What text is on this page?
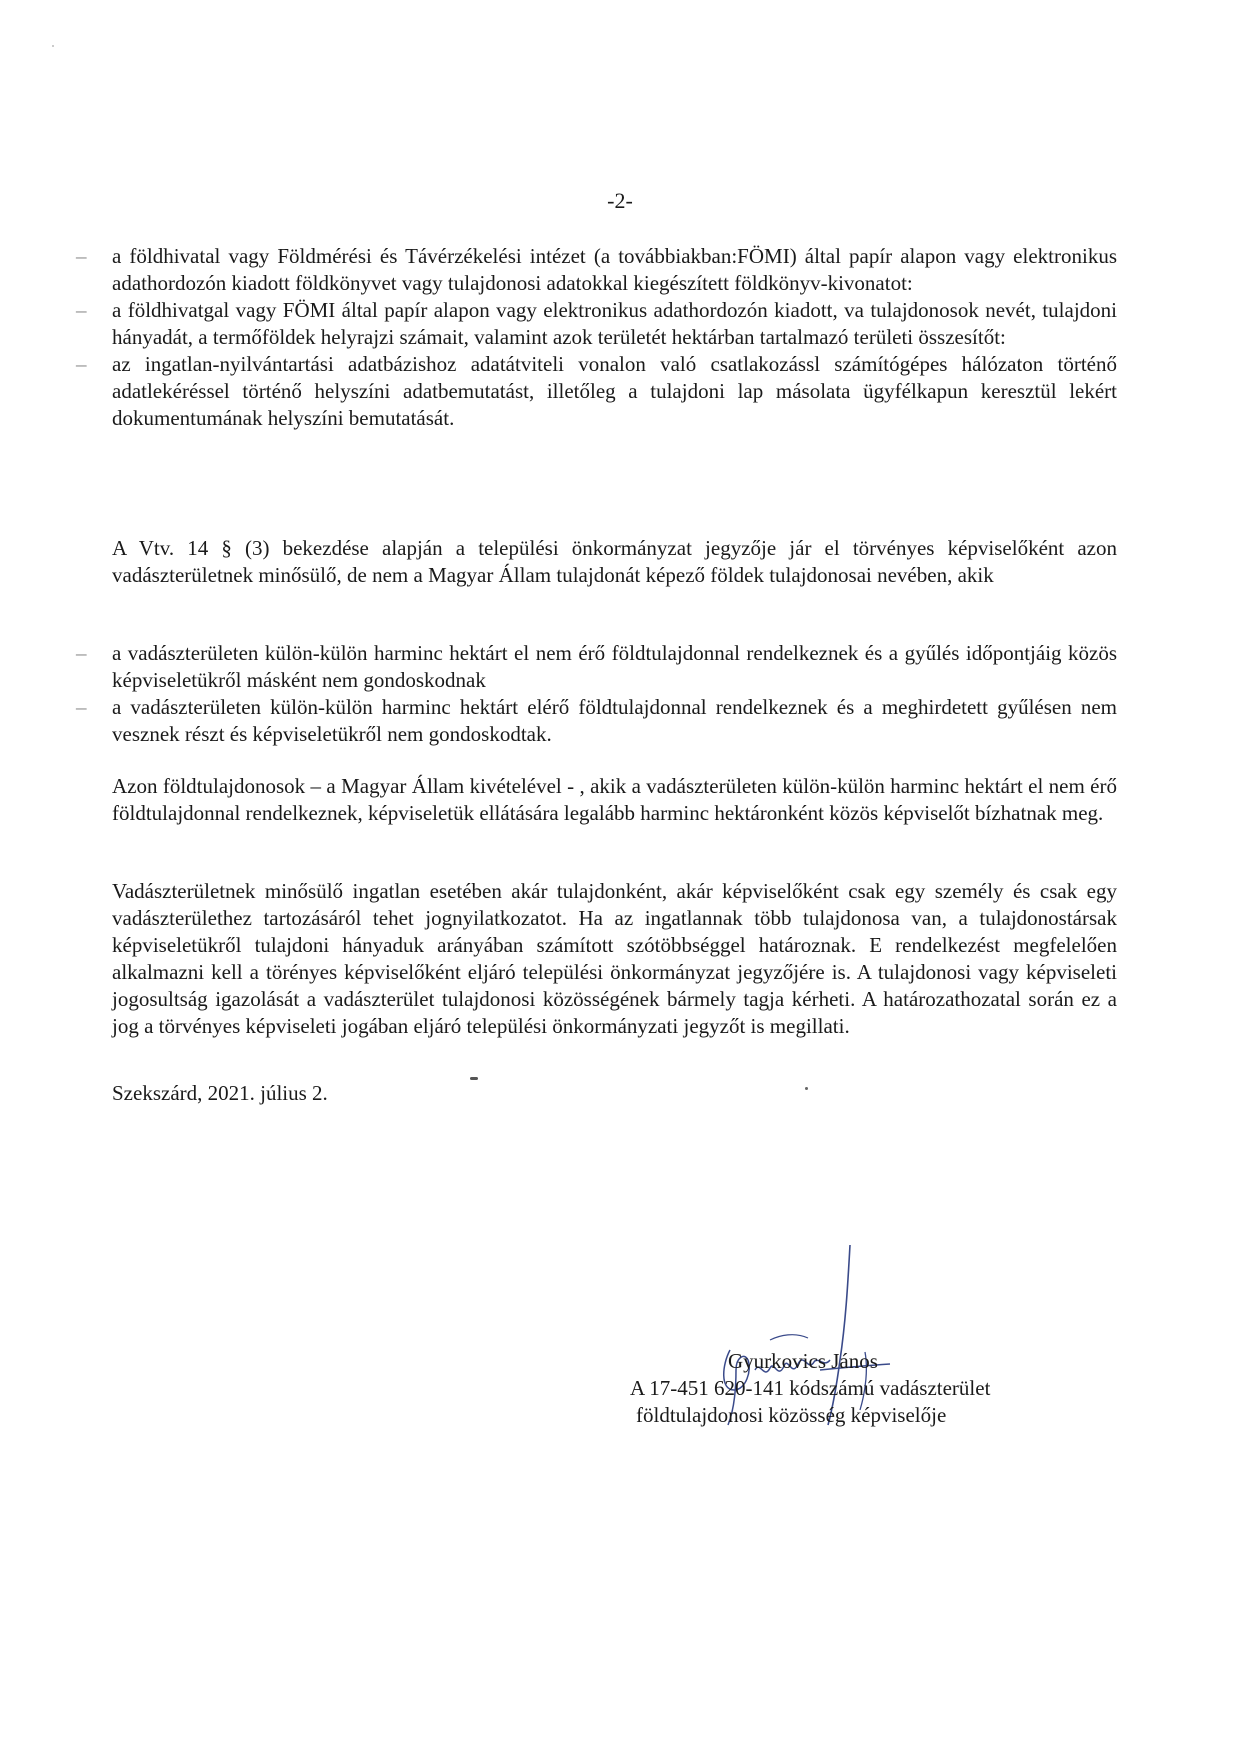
-2-
– a földhivatal vagy Földmérési és Távérzékelési intézet (a továbbiakban:FÖMI) által papír alapon vagy elektronikus adathordozón kiadott földkönyvet vagy tulajdonosi adatokkal kiegészített földkönyv-kivonatot:
– a földhivatgal vagy FÖMI által papír alapon vagy elektronikus adathordozón kiadott, va tulajdonosok nevét, tulajdoni hányadát, a termőföldek helyrajzi számait, valamint azok területét hektárban tartalmazó területi összesítőt:
– az ingatlan-nyilvántartási adatbázishoz adatátviteli vonalon való csatlakozássl számítógépes hálózaton történő adatlekéréssel történő helyszíni adatbemutatást, illetőleg a tulajdoni lap másolata ügyfélkapun keresztül lekért dokumentumának helyszíni bemutatását.

A Vtv. 14 § (3) bekezdése alapján a települési önkormányzat jegyzője jár el törvényes képviselőként azon vadászterületnek minősülő, de nem a Magyar Állam tulajdonát képező földek tulajdonosai nevében, akik

– a vadászterületen külön-külön harminc hektárt el nem érő földtulajdonnal rendelkeznek és a gyűlés időpontjáig közös képviseletükről másként nem gondoskodnak
– a vadászterületen külön-külön harminc hektárt elérő földtulajdonnal rendelkeznek és a meghirdetett gyűlésen nem vesznek részt és képviseletükről nem gondoskodtak.

Azon földtulajdonosok – a Magyar Állam kivételével - , akik a vadászterületen külön-külön harminc hektárt el nem érő földtulajdonnal rendelkeznek, képviseletük ellátására legalább harminc hektáronként közös képviselőt bízhatnak meg.

Vadászterületnek minősülő ingatlan esetében akár tulajdonként, akár képviselőként csak egy személy és csak egy vadászterülethez tartozásáról tehet jognyilatkozatot. Ha az ingatlannak több tulajdonosa van, a tulajdonostársak képviseletükről tulajdoni hányaduk arányában számított szótöbbséggel határoznak. E rendelkezést megfelelően alkalmazni kell a törényes képviselőként eljáró települési önkormányzat jegyzőjére is. A tulajdonosi vagy képviseleti jogosultság igazolását a vadászterület tulajdonosi közösségének bármely tagja kérheti. A határozathozatal során ez a jog a törvényes képviseleti jogában eljáró települési önkormányzati jegyzőt is megillati.

Szekszárd, 2021. július 2.
Gyurkovics János
A 17-451 620-141 kódszámú vadászterület
földtulajdonosi közösség képviselője
